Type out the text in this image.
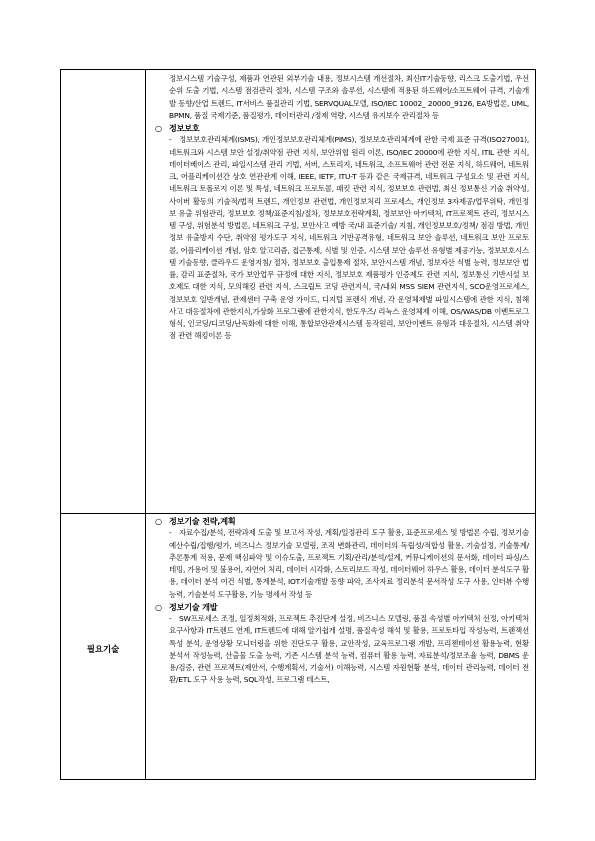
	정보시스템 기술구성, 제품과 연관된 외부기술 내용, 정보시스템 개선절차, 최신IT기술동향, 리스크 도출기법, 우선순위 도출 기법, 시스템 점검관리 절차, 시스템 구조와 솔루션, 시스템에 적용된 하드웨어/소프트웨어 규격, 기술개발 동향/산업 트렌드, IT서비스 품질관리 기법, SERVQUAL모델, ISO/IEC 10002_ 20000_9126, EA방법론, UML, BPMN, 품질 국제기준, 품질평가, 데이터관리 /정제 역량, 시스템 유지보수 관리절차 등
○ 정보보호
- 정보보호관리체계(ISMS), 개인정보보호관리체계(PIMS), 정보보호관리체계에 관한 국제 표준 규격(ISO27001), 네트워크와 시스템 보안 설정/취약점 관련 지식, 보안위협 원리 이론, ISO/IEC 20000에 관한 지식, ITIL 관한 지식, 데이터베이스 관리, 파일시스템 관리 기법, 서버, 스토리지, 네트워크, 소프트웨어 관련 전문 지식, 하드웨어, 네트워크, 어플리케이션간 상호 연관관계 이해, IEEE, IETF, ITU-T 등과 같은 국제규격, 네트워크 구성요소 및 관련 지식, 네트워크 토폴로지 이론 및 특성, 네트워크 프로토콜, 패킷 관련 지식, 정보보호 관련법, 최신 정보통신 기술 취약성, 사이버 활동의 기술적/법적 트렌드, 개인정보 관련법, 개인정보처리 프로세스, 개인정보 3자제공/업무위탁, 개인정보 유출 위험관리, 정보보호 정책/표준지침/절차, 정보보호전략계획, 정보보안 아키텍처, IT프로젝트 관리, 정보시스템 구성, 위험분석 방법론, 네트워크 구성, 보안사고 예방 국/내 표준기술/ 지침, 개인정보보호/정책/ 점검 방법, 개인정보 유출방지 수단, 취약점 평가도구 지식, 네트워크 기반공격유형, 네트워크 보안 솔루션, 네트워크 보안 프로토콜, 어플리케이션 개념, 암호 알고리즘, 접근통제, 식별 및 인증, 시스템 보안 솔루션 유형별 제공기능, 정보보호시스템 기술동향, 클라우드 운영지침/ 절차, 정보보호 출입통제 절차, 보안시스템 개념, 정보자산 식별 능력, 정보보안 법률, 감리 표준절차, 국가 보안업무 규정에 대한 지식, 정보보호 제품평가 인증제도 관련 지식, 정보통신 기반시설 보호제도 대한 지식, 모의해킹 관련 지식, 스크립트 코딩 관련지식, 국/내외 MSS SIEM 관련지식, SCO운영프로세스, 정보보호 일반개념, 관제센터 구축 운영 가이드, 디지털 포렌식 개념, 각 운영체제별 파일시스템에 관한 지식, 침해사고 대응절차에 관한지식,가상화 프로그램에 관한지식, 한도우즈/ 리눅스 운영체제 이해, OS/WAS/DB 이벤트로그 형식, 인코딩/디코딩/난독화에 대한 이해, 통합보안관제시스템 동작원리, 보안이벤트 유형과 대응절차, 시스템 취약점 관련 해킹이론 등

필요기술	○ 정보기술 전략,계획
- 자료수집/분석, 전략과제 도출 및 보고서 작성, 계획/일정관리 도구 활용, 표준프로세스 및 방법론 수립, 정보기술 예산수립/집행/평가, 비즈니스 정보기술 모델링, 조직 변화관리, 데이터의 독립성/적합성 활용, 기술설정, 기술통계/ 추론통계 적용, 문제 핵심파악 및 이슈도출, 프로젝트 기획/관리/분석/설계, 커뮤니케이션의 문서화, 데이터 파싱/스테밍, 가용어 및 불용어, 자연어 처리, 데이터 시각화, 스토리보드 작성, 데이터웨어 하우스 활용, 데이터 분석도구 활용, 데이터 분석 여건 식별, 통계분석, IOT기술개발 동향 파악, 조사자료 정리분석 문서작성 도구 사용, 인터뷰 수행능력, 기술분석 도구활용, 기능 명세서 작성 등
○ 정보기술 개발
- SW프로세스 조정, 일정최적화, 프로젝트 추진단계 설정, 비즈니스 모델링, 품질 속성별 아키텍처 선정, 아키텍처 요구사항과 IT트렌드 연계, IT트렌드에 대해 알기쉽게 설명, 품질속성 해석 및 활용, 프로토타입 작성능력, 트랜잭션 특성 분석, 운영상황 모니터링을 위한 진단도구 활용, 교안작성, 교육프로그램 개발, 프리젠테이션 활용능력, 현황 분석서 작성능력, 산출물 도출 능력, 기존 시스템 분석 능력, 컴퓨터 활용 능력, 자료분석/정보조율 능력, DBMS 운용/검증, 관련 프로젝트(제안서, 수행계획서, 기술서) 이해능력, 시스템 자원현황 분석, 데이터 관리능력, 데이터 전환/ETL 도구 사용 능력, SQL작성, 프로그램 테스트,
